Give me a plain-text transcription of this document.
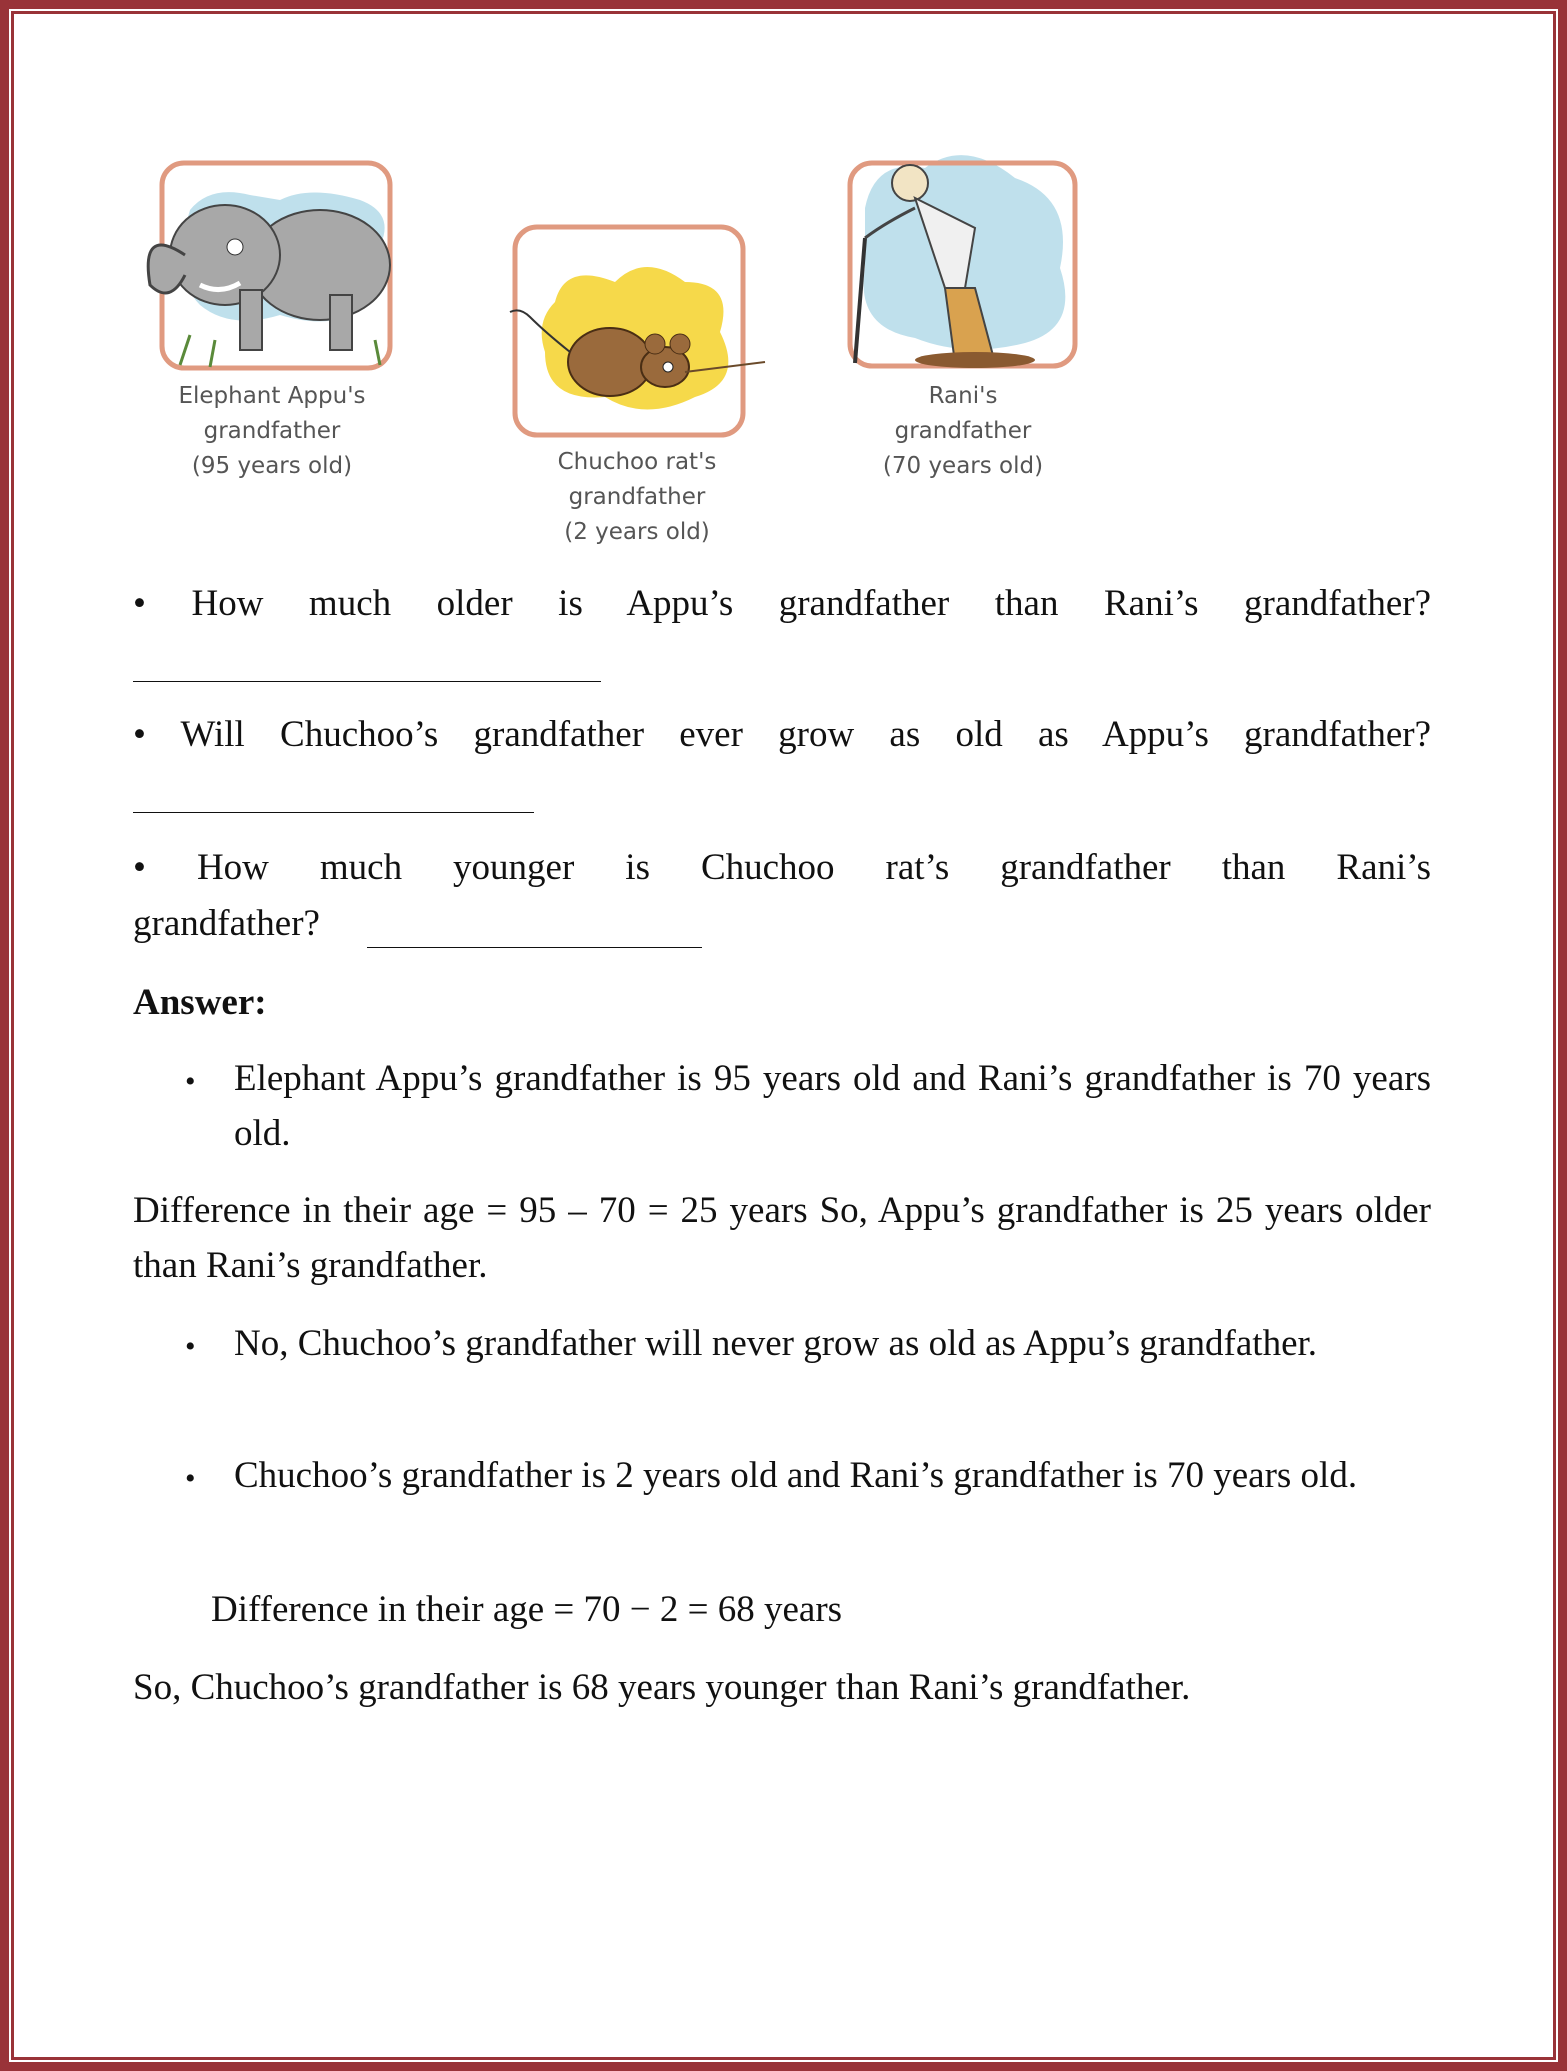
Elephant Appu's
grandfather
(95 years old)	Chuchoo rat's
grandfather
(2 years old)
Rani's
grandfather
(70 years old)
• How much older is Appu’s grandfather than Rani’s grandfather?
• Will Chuchoo’s grandfather ever grow as old as Appu’s grandfather?
• How much younger is Chuchoo rat’s grandfather than Rani’s
grandfather?
Answer:
• Elephant Appu’s grandfather is 95 years old and Rani’s grandfather is 70 years old.
Difference in their age = 95 – 70 = 25 years So, Appu’s grandfather is 25 years older than Rani’s grandfather.
• No, Chuchoo’s grandfather will never grow as old as Appu’s grandfather.
• Chuchoo’s grandfather is 2 years old and Rani’s grandfather is 70 years old.
Difference in their age = 70 − 2 = 68 years
So, Chuchoo’s grandfather is 68 years younger than Rani’s grandfather.
